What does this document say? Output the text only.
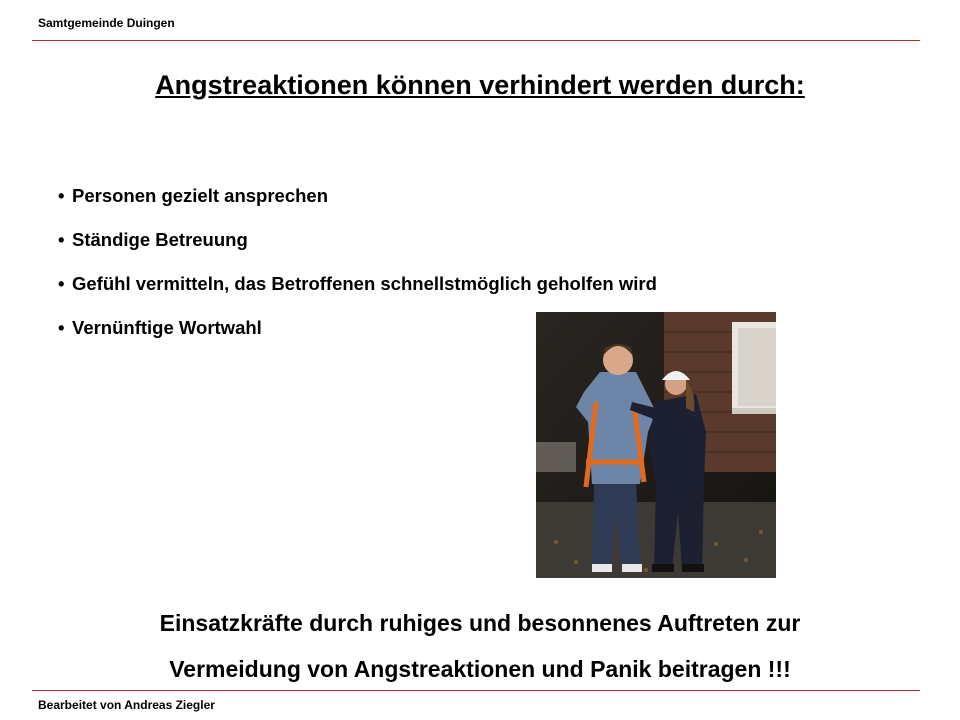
Samtgemeinde Duingen
Angstreaktionen können verhindert werden durch:
• Personen gezielt ansprechen
• Ständige Betreuung
• Gefühl vermitteln, das Betroffenen schnellstmöglich geholfen wird
• Vernünftige Wortwahl
Einsatzkräfte durch ruhiges und besonnenes Auftreten zur
Vermeidung von Angstreaktionen und Panik beitragen !!!
Bearbeitet von Andreas Ziegler
